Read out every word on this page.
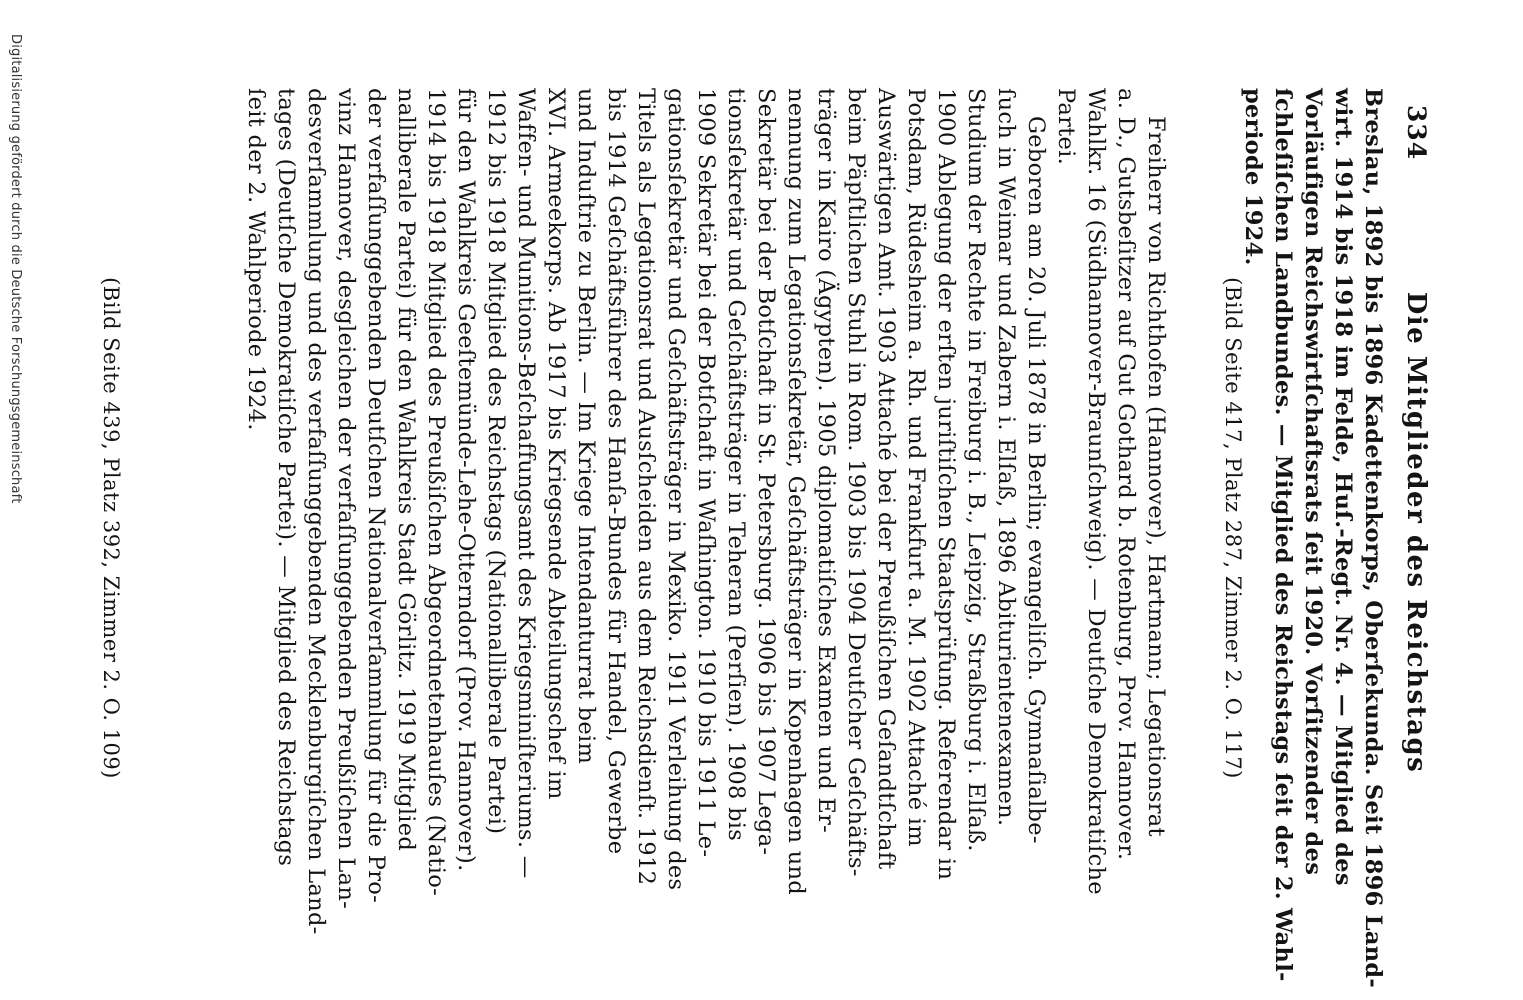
334
Die Mitglieder des Reichstags
Breslau, 1892 bis 1896 Kadettenkorps, Oberſekunda. Seit 1896 Land-
wirt. 1914 bis 1918 im Felde, Huſ.-Regt. Nr. 4. — Mitglied des
Vorläufigen Reichswirtſchaftsrats ſeit 1920. Vorſitzender des
ſchleſiſchen Landbundes. — Mitglied des Reichstags ſeit der 2. Wahl-
periode 1924.
(Bild Seite 417, Platz 287, Zimmer 2. O. 117)
Freiherr von Richthofen (Hannover), Hartmann; Legationsrat
a. D., Gutsbeſitzer auf Gut Gothard b. Rotenburg, Prov. Hannover.
Wahlkr. 16 (Südhannover-Braunſchweig). — Deutſche Demokratiſche
Partei.
Geboren am 20. Juli 1878 in Berlin; evangeliſch. Gymnaſialbe-
ſuch in Weimar und Zabern i. Elſaß, 1896 Abiturientenexamen.
Studium der Rechte in Freiburg i. B., Leipzig, Straßburg i. Elſaß.
1900 Ablegung der erſten juriſtiſchen Staatsprüfung. Referendar in
Potsdam, Rüdesheim a. Rh. und Frankfurt a. M. 1902 Attaché im
Auswärtigen Amt. 1903 Attaché bei der Preußiſchen Geſandtſchaft
beim Päpſtlichen Stuhl in Rom. 1903 bis 1904 Deutſcher Geſchäfts-
träger in Kairo (Ägypten). 1905 diplomatiſches Examen und Er-
nennung zum Legationsſekretär, Geſchäftsträger in Kopenhagen und
Sekretär bei der Botſchaft in St. Petersburg. 1906 bis 1907 Lega-
tionsſekretär und Geſchäftsträger in Teheran (Perſien). 1908 bis
1909 Sekretär bei der Botſchaft in Waſhington. 1910 bis 1911 Le-
gationsſekretär und Geſchäftsträger in Mexiko. 1911 Verleihung des
Titels als Legationsrat und Ausſcheiden aus dem Reichsdienſt. 1912
bis 1914 Geſchäftsführer des Hanſa-Bundes für Handel, Gewerbe
und Induſtrie zu Berlin. — Im Kriege Intendanturrat beim
XVI. Armeekorps. Ab 1917 bis Kriegsende Abteilungschef im
Waffen- und Munitions-Beſchaffungsamt des Kriegsminiſteriums. —
1912 bis 1918 Mitglied des Reichstags (Nationalliberale Partei)
für den Wahlkreis Geeſtemünde-Lehe-Otterndorf (Prov. Hannover).
1914 bis 1918 Mitglied des Preußiſchen Abgeordnetenhauſes (Natio-
nalliberale Partei) für den Wahlkreis Stadt Görlitz. 1919 Mitglied
der verfaſſunggebenden Deutſchen Nationalverſammlung für die Pro-
vinz Hannover, desgleichen der verfaſſunggebenden Preußiſchen Lan-
desverſammlung und des verfaſſunggebenden Mecklenburgiſchen Land-
tages (Deutſche Demokratiſche Partei). — Mitglied des Reichstags
ſeit der 2. Wahlperiode 1924.
(Bild Seite 439, Platz 392, Zimmer 2. O. 109)
Digitalisierung gefördert durch die Deutsche Forschungsgemeinschaft
